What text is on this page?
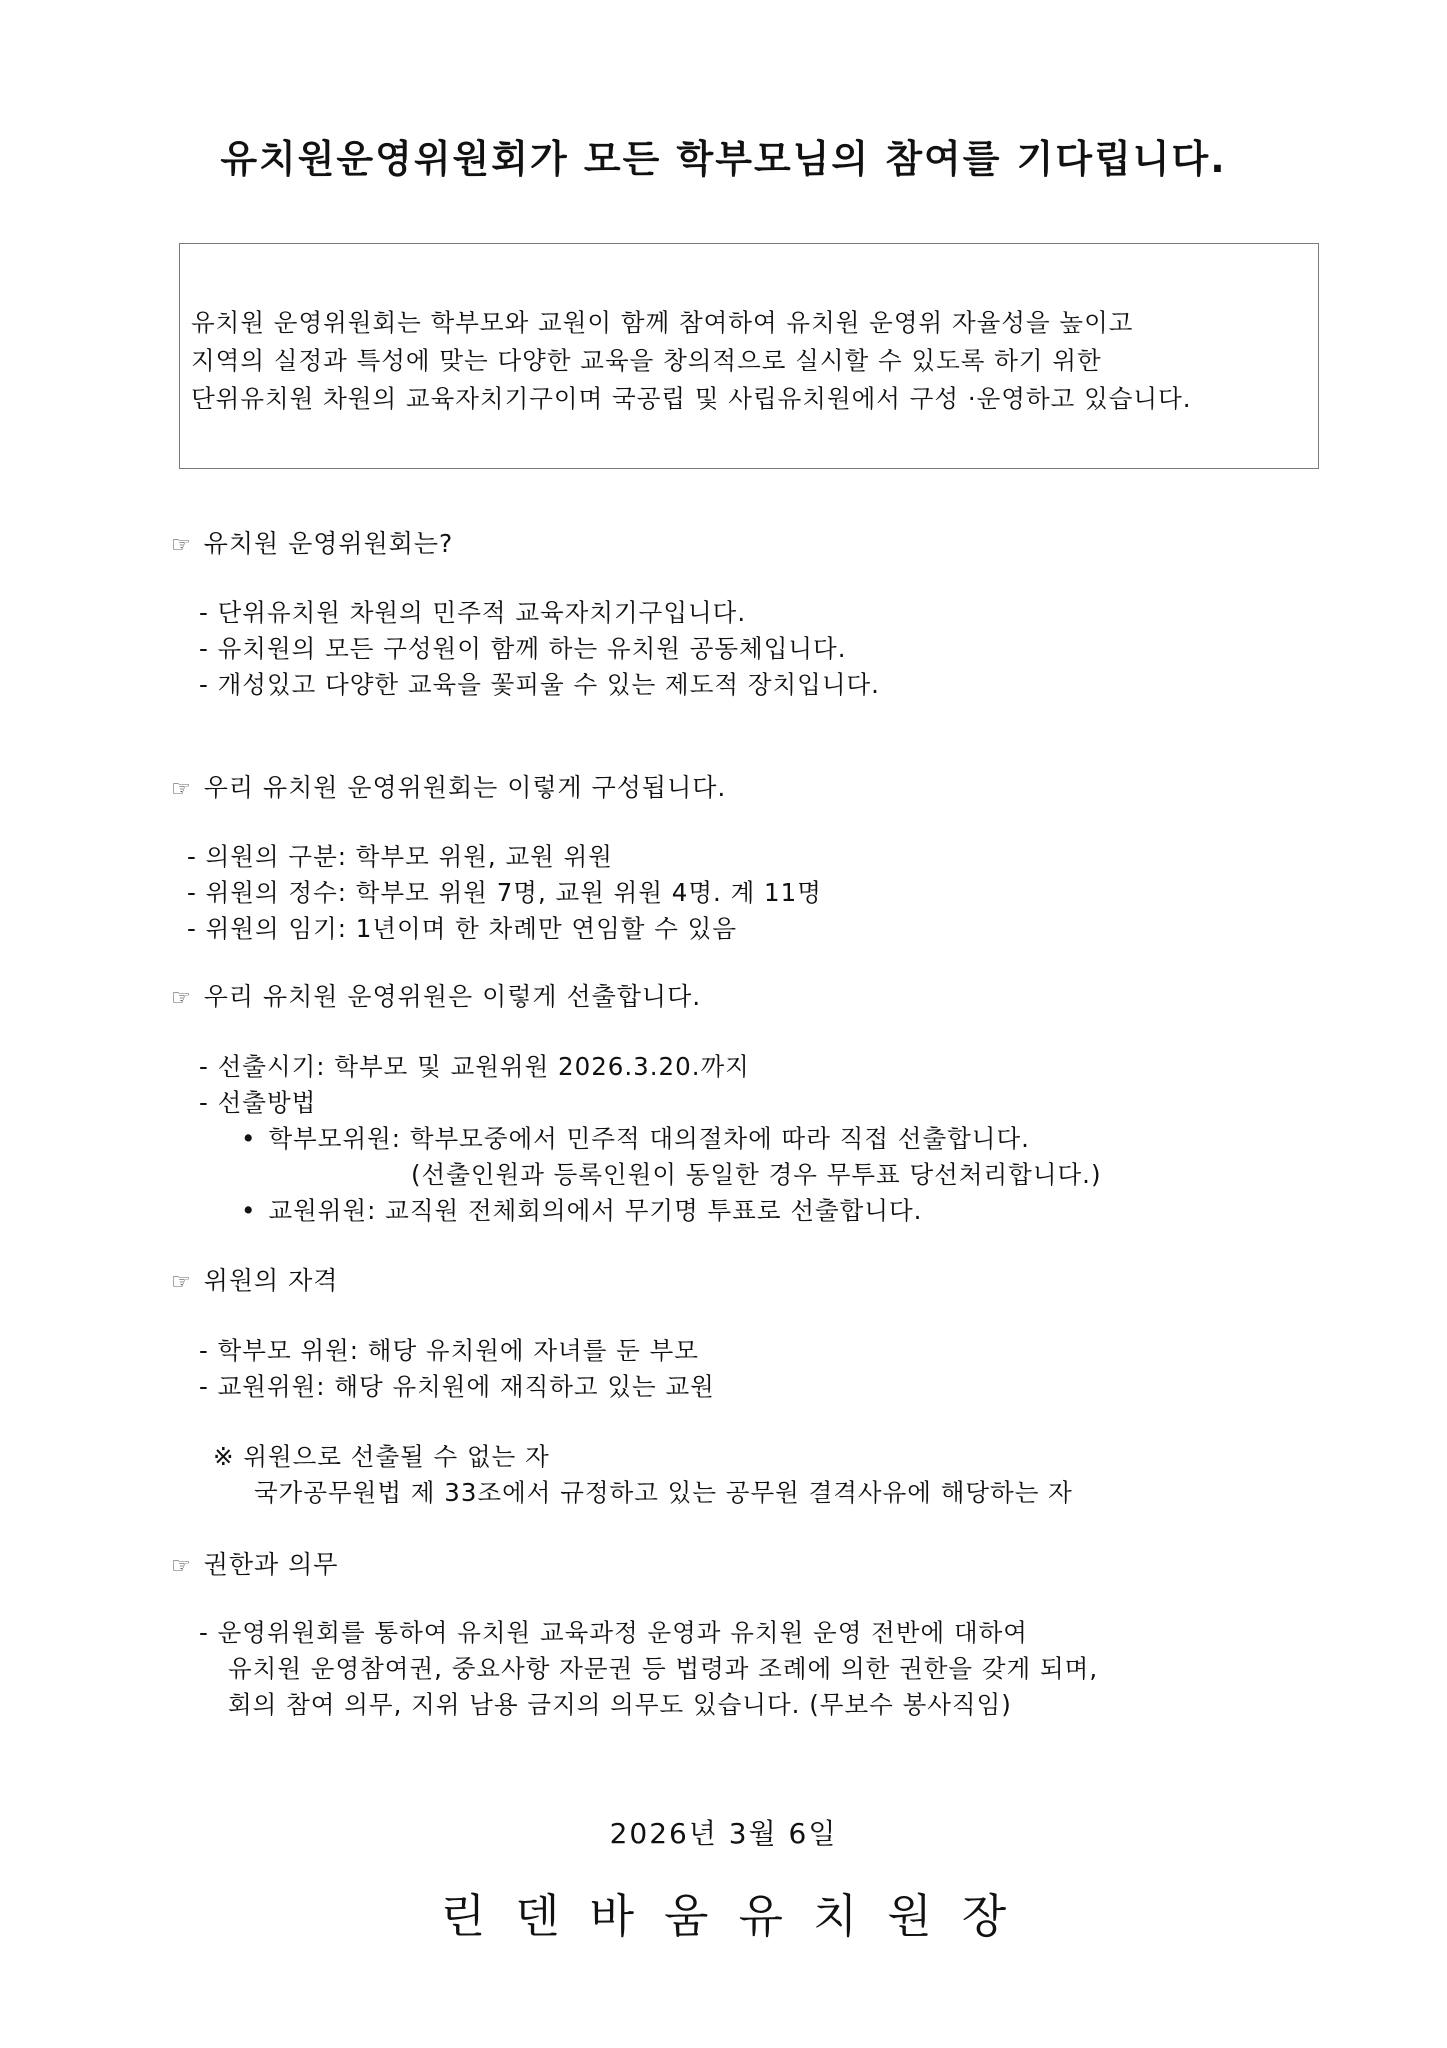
유치원운영위원회가 모든 학부모님의 참여를 기다립니다.
유치원 운영위원회는 학부모와 교원이 함께 참여하여 유치원 운영위 자율성을 높이고
지역의 실정과 특성에 맞는 다양한 교육을 창의적으로 실시할 수 있도록 하기 위한
단위유치원 차원의 교육자치기구이며 국공립 및 사립유치원에서 구성 ·운영하고 있습니다.
☞ 유치원 운영위원회는?
- 단위유치원 차원의 민주적 교육자치기구입니다.
- 유치원의 모든 구성원이 함께 하는 유치원 공동체입니다.
- 개성있고 다양한 교육을 꽃피울 수 있는 제도적 장치입니다.
☞ 우리 유치원 운영위원회는 이렇게 구성됩니다.
- 의원의 구분: 학부모 위원, 교원 위원
- 위원의 정수: 학부모 위원 7명, 교원 위원 4명. 계 11명
- 위원의 임기: 1년이며 한 차례만 연임할 수 있음
☞ 우리 유치원 운영위원은 이렇게 선출합니다.
- 선출시기: 학부모 및 교원위원 2026.3.20.까지
- 선출방법
• 학부모위원: 학부모중에서 민주적 대의절차에 따라 직접 선출합니다.
(선출인원과 등록인원이 동일한 경우 무투표 당선처리합니다.)
• 교원위원: 교직원 전체회의에서 무기명 투표로 선출합니다.
☞ 위원의 자격
- 학부모 위원: 해당 유치원에 자녀를 둔 부모
- 교원위원: 해당 유치원에 재직하고 있는 교원
※ 위원으로 선출될 수 없는 자
국가공무원법 제 33조에서 규정하고 있는 공무원 결격사유에 해당하는 자
☞ 권한과 의무
- 운영위원회를 통하여 유치원 교육과정 운영과 유치원 운영 전반에 대하여
유치원 운영참여권, 중요사항 자문권 등 법령과 조례에 의한 권한을 갖게 되며,
회의 참여 의무, 지위 남용 금지의 의무도 있습니다. (무보수 봉사직임)
2026년 3월 6일
린덴바움유치원장
